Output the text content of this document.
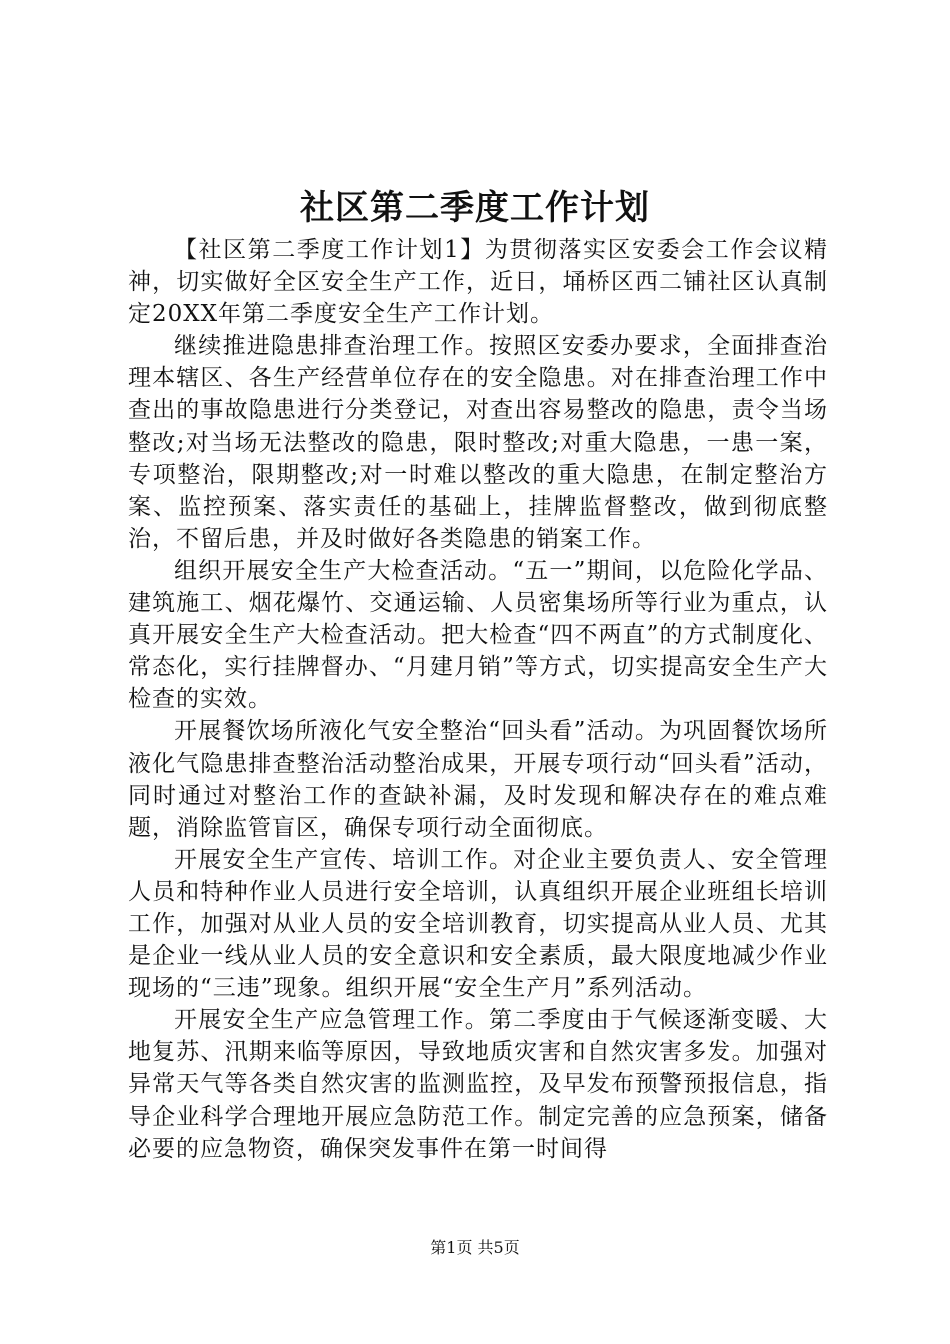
社区第二季度工作计划

【社区第二季度工作计划1】为贯彻落实区安委会工作会议精神，切实做好全区安全生产工作，近日，埇桥区西二铺社区认真制定20XX年第二季度安全生产工作计划。

继续推进隐患排查治理工作。按照区安委办要求，全面排查治理本辖区、各生产经营单位存在的安全隐患。对在排查治理工作中查出的事故隐患进行分类登记，对查出容易整改的隐患，责令当场整改;对当场无法整改的隐患，限时整改;对重大隐患，一患一案，专项整治，限期整改;对一时难以整改的重大隐患，在制定整治方案、监控预案、落实责任的基础上，挂牌监督整改，做到彻底整治，不留后患，并及时做好各类隐患的销案工作。

组织开展安全生产大检查活动。“五一”期间，以危险化学品、建筑施工、烟花爆竹、交通运输、人员密集场所等行业为重点，认真开展安全生产大检查活动。把大检查“四不两直”的方式制度化、常态化，实行挂牌督办、“月建月销”等方式，切实提高安全生产大检查的实效。

开展餐饮场所液化气安全整治“回头看”活动。为巩固餐饮场所液化气隐患排查整治活动整治成果，开展专项行动“回头看”活动，同时通过对整治工作的查缺补漏，及时发现和解决存在的难点难题，消除监管盲区，确保专项行动全面彻底。

开展安全生产宣传、培训工作。对企业主要负责人、安全管理人员和特种作业人员进行安全培训，认真组织开展企业班组长培训工作，加强对从业人员的安全培训教育，切实提高从业人员、尤其是企业一线从业人员的安全意识和安全素质，最大限度地减少作业现场的“三违”现象。组织开展“安全生产月”系列活动。

开展安全生产应急管理工作。第二季度由于气候逐渐变暖、大地复苏、汛期来临等原因，导致地质灾害和自然灾害多发。加强对异常天气等各类自然灾害的监测监控，及早发布预警预报信息，指导企业科学合理地开展应急防范工作。制定完善的应急预案，储备必要的应急物资，确保突发事件在第一时间得

第1页 共5页
